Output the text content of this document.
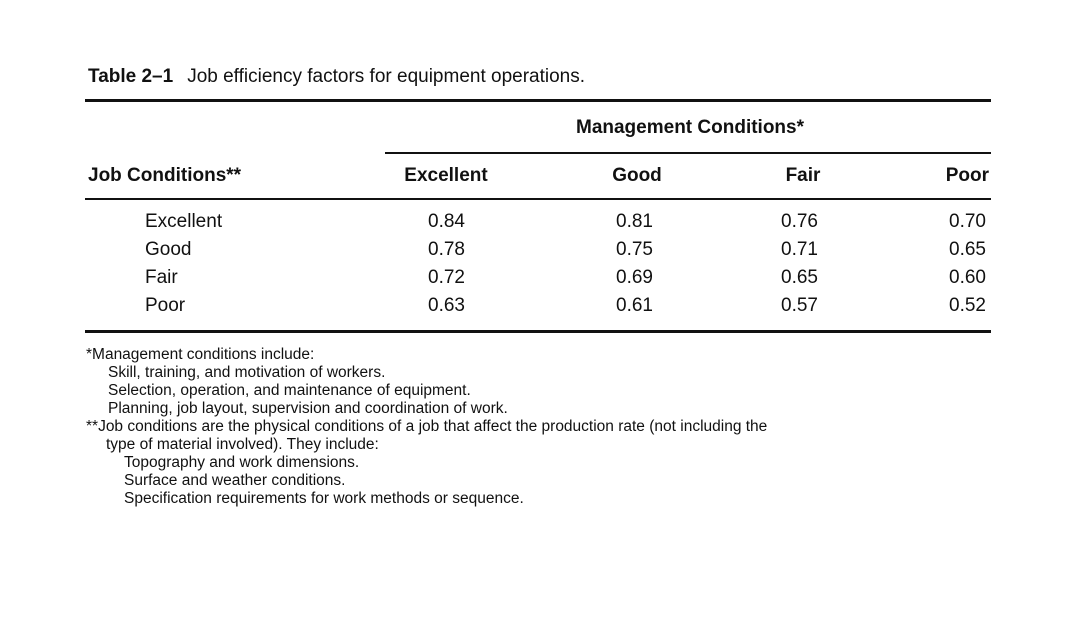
Table 2–1 Job efficiency factors for equipment operations.
Management Conditions*
Job Conditions**	Excellent	Good	Fair	Poor
Excellent	0.84	0.81	0.76	0.70
Good	0.78	0.75	0.71	0.65
Fair	0.72	0.69	0.65	0.60
Poor	0.63	0.61	0.57	0.52
*Management conditions include:
Skill, training, and motivation of workers.
Selection, operation, and maintenance of equipment.
Planning, job layout, supervision and coordination of work.
**Job conditions are the physical conditions of a job that affect the production rate (not including the
type of material involved). They include:
Topography and work dimensions.
Surface and weather conditions.
Specification requirements for work methods or sequence.
